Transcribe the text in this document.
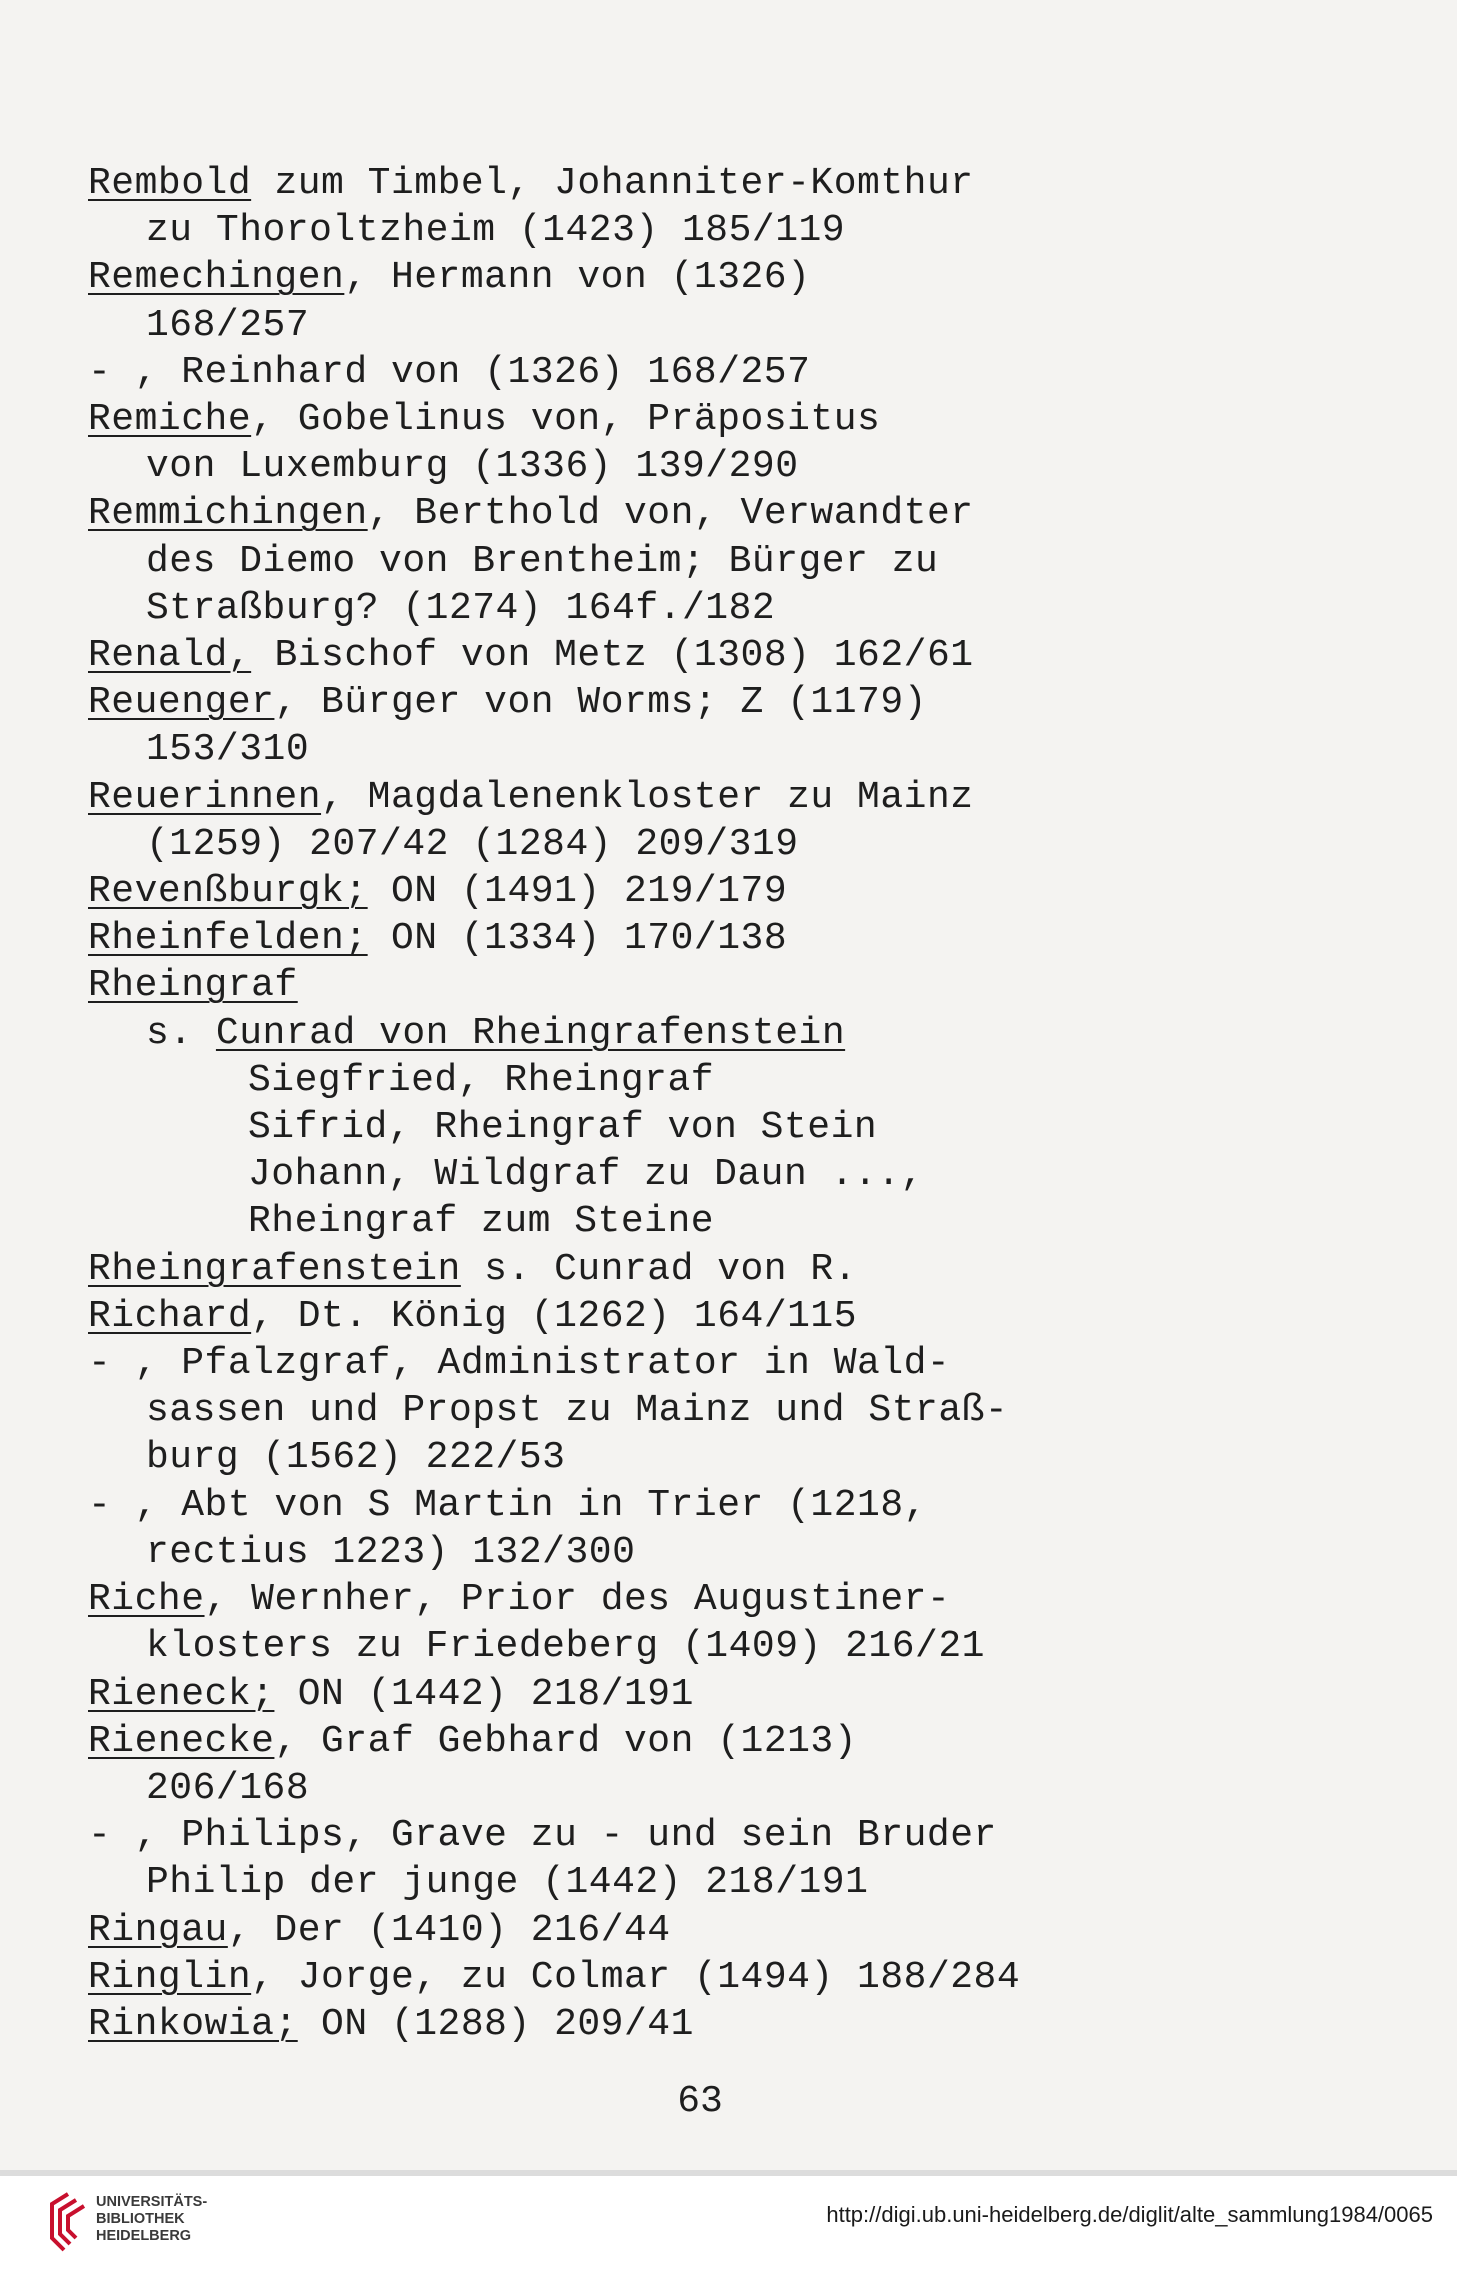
Rembold zum Timbel, Johanniter-Komthur
zu Thoroltzheim (1423) 185/119
Remechingen, Hermann von (1326)
168/257
- , Reinhard von (1326) 168/257
Remiche, Gobelinus von, Präpositus
von Luxemburg (1336) 139/290
Remmichingen, Berthold von, Verwandter
des Diemo von Brentheim; Bürger zu
Straßburg? (1274) 164f./182
Renald, Bischof von Metz (1308) 162/61
Reuenger, Bürger von Worms; Z (1179)
153/310
Reuerinnen, Magdalenenkloster zu Mainz
(1259) 207/42 (1284) 209/319
Revenßburgk; ON (1491) 219/179
Rheinfelden; ON (1334) 170/138
Rheingraf
s. Cunrad von Rheingrafenstein
Siegfried, Rheingraf
Sifrid, Rheingraf von Stein
Johann, Wildgraf zu Daun ...,
Rheingraf zum Steine
Rheingrafenstein s. Cunrad von R.
Richard, Dt. König (1262) 164/115
- , Pfalzgraf, Administrator in Wald-
sassen und Propst zu Mainz und Straß-
burg (1562) 222/53
- , Abt von S Martin in Trier (1218,
rectius 1223) 132/300
Riche, Wernher, Prior des Augustiner-
klosters zu Friedeberg (1409) 216/21
Rieneck; ON (1442) 218/191
Rienecke, Graf Gebhard von (1213)
206/168
- , Philips, Grave zu - und sein Bruder
Philip der junge (1442) 218/191
Ringau, Der (1410) 216/44
Ringlin, Jorge, zu Colmar (1494) 188/284
Rinkowia; ON (1288) 209/41
63
UNIVERSITÄTS-
BIBLIOTHEK
HEIDELBERG
http://digi.ub.uni-heidelberg.de/diglit/alte_sammlung1984/0065
